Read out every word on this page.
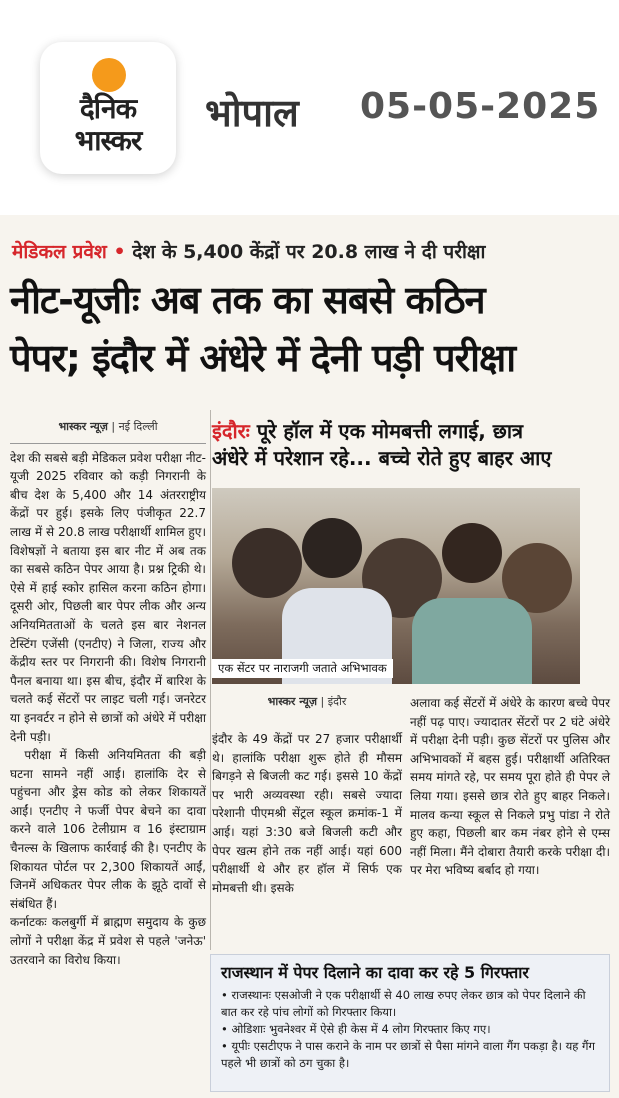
दैनिक
भास्कर
भोपाल 05-05-2025
मेडिकल प्रवेश • देश के 5,400 केंद्रों पर 20.8 लाख ने दी परीक्षा
नीट-यूजीः अब तक का सबसे कठिन
पेपर; इंदौर में अंधेरे में देनी पड़ी परीक्षा
भास्कर न्यूज़ | नई दिल्ली

देश की सबसे बड़ी मेडिकल प्रवेश परीक्षा नीट-यूजी 2025 रविवार को कड़ी निगरानी के बीच देश के 5,400 और 14 अंतरराष्ट्रीय केंद्रों पर हुई। इसके लिए पंजीकृत 22.7 लाख में से 20.8 लाख परीक्षार्थी शामिल हुए। विशेषज्ञों ने बताया इस बार नीट में अब तक का सबसे कठिन पेपर आया है। प्रश्न ट्रिकी थे। ऐसे में हाई स्कोर हासिल करना कठिन होगा। दूसरी ओर, पिछली बार पेपर लीक और अन्य अनियमितताओं के चलते इस बार नेशनल टेस्टिंग एजेंसी (एनटीए) ने जिला, राज्य और केंद्रीय स्तर पर निगरानी की। विशेष निगरानी पैनल बनाया था। इस बीच, इंदौर में बारिश के चलते कई सेंटरों पर लाइट चली गई। जनरेटर या इनवर्टर न होने से छात्रों को अंधेरे में परीक्षा देनी पड़ी।

परीक्षा में किसी अनियमितता की बड़ी घटना सामने नहीं आई। हालांकि देर से पहुंचना और ड्रेस कोड को लेकर शिकायतें आईं। एनटीए ने फर्जी पेपर बेचने का दावा करने वाले 106 टेलीग्राम व 16 इंस्टाग्राम चैनल्स के खिलाफ कार्रवाई की है। एनटीए के शिकायत पोर्टल पर 2,300 शिकायतें आईं, जिनमें अधिकतर पेपर लीक के झूठे दावों से संबंधित हैं।

कर्नाटकः कलबुर्गी में ब्राह्मण समुदाय के कुछ लोगों ने परीक्षा केंद्र में प्रवेश से पहले 'जनेऊ' उतरवाने का विरोध किया।

इंदौरः पूरे हॉल में एक मोमबत्ती लगाई, छात्र
अंधेरे में परेशान रहे... बच्चे रोते हुए बाहर आए
एक सेंटर पर नाराजगी जताते अभिभावक
भास्कर न्यूज़ | इंदौर

इंदौर के 49 केंद्रों पर 27 हजार परीक्षार्थी थे। हालांकि परीक्षा शुरू होते ही मौसम बिगड़ने से बिजली कट गई। इससे 10 केंद्रों पर भारी अव्यवस्था रही। सबसे ज्यादा परेशानी पीएमश्री सेंट्रल स्कूल क्रमांक-1 में आई। यहां 3:30 बजे बिजली कटी और पेपर खत्म होने तक नहीं आई। यहां 600 परीक्षार्थी थे और हर हॉल में सिर्फ एक मोमबत्ती थी। इसके

अलावा कई सेंटरों में अंधेरे के कारण बच्चे पेपर नहीं पढ़ पाए। ज्यादातर सेंटरों पर 2 घंटे अंधेरे में परीक्षा देनी पड़ी। कुछ सेंटरों पर पुलिस और अभिभावकों में बहस हुई। परीक्षार्थी अतिरिक्त समय मांगते रहे, पर समय पूरा होते ही पेपर ले लिया गया। इससे छात्र रोते हुए बाहर निकले। मालव कन्या स्कूल से निकले प्रभु पांडा ने रोते हुए कहा, पिछली बार कम नंबर होने से एम्स नहीं मिला। मैंने दोबारा तैयारी करके परीक्षा दी। पर मेरा भविष्य बर्बाद हो गया।

राजस्थान में पेपर दिलाने का दावा कर रहे 5 गिरफ्तार
• राजस्थानः एसओजी ने एक परीक्षार्थी से 40 लाख रुपए लेकर छात्र को पेपर दिलाने की बात कर रहे पांच लोगों को गिरफ्तार किया।
• ओडिशाः भुवनेश्वर में ऐसे ही केस में 4 लोग गिरफ्तार किए गए।
• यूपीः एसटीएफ ने पास कराने के नाम पर छात्रों से पैसा मांगने वाला गैंग पकड़ा है। यह गैंग पहले भी छात्रों को ठग चुका है।
